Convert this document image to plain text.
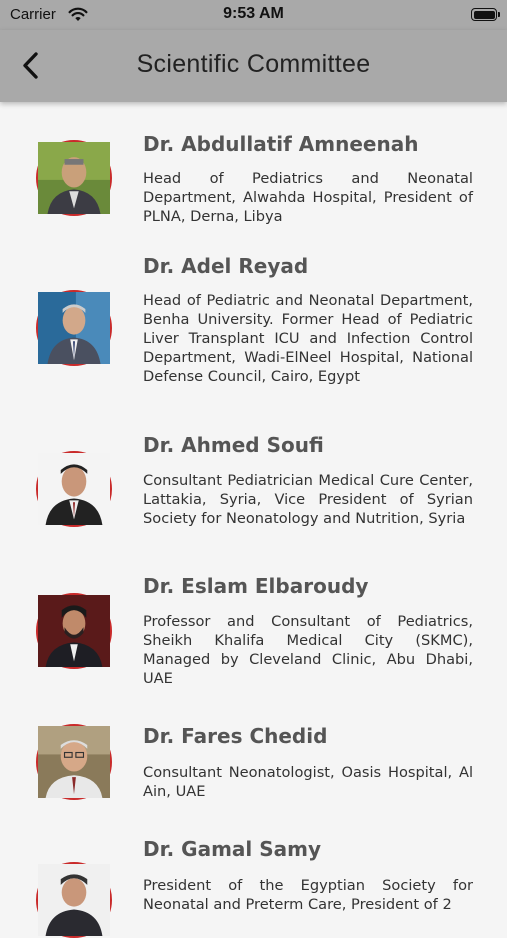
Carrier	9:53 AM
Scientific Committee
Dr. Abdullatif Amneenah
Head of Pediatrics and Neonatal Department, Alwahda Hospital, President of PLNA, Derna, Libya
Dr. Adel Reyad
Head of Pediatric and Neonatal Department, Benha University. Former Head of Pediatric Liver Transplant ICU and Infection Control Department, Wadi-ElNeel Hospital, National Defense Council, Cairo, Egypt
Dr. Ahmed Soufi
Consultant Pediatrician Medical Cure Center, Lattakia, Syria, Vice President of Syrian Society for Neonatology and Nutrition, Syria
Dr. Eslam Elbaroudy
Professor and Consultant of Pediatrics, Sheikh Khalifa Medical City (SKMC), Managed by Cleveland Clinic, Abu Dhabi, UAE
Dr. Fares Chedid
Consultant Neonatologist, Oasis Hospital, Al Ain, UAE
Dr. Gamal Samy
President of the Egyptian Society for Neonatal and Preterm Care, President of 2
